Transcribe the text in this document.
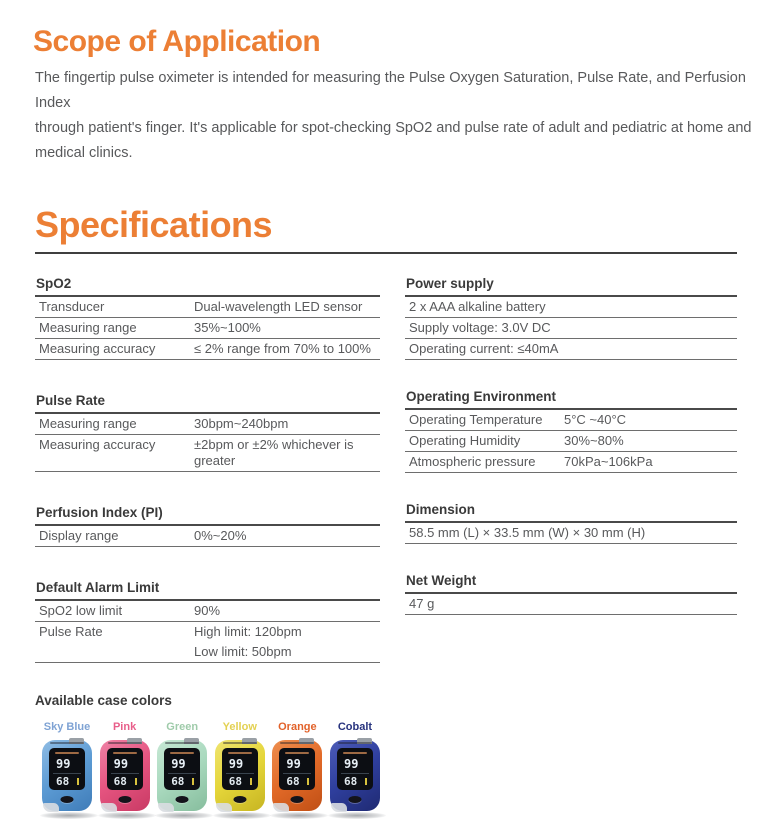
Scope of Application
The fingertip pulse oximeter is intended for measuring the Pulse Oxygen Saturation, Pulse Rate, and Perfusion Index
through patient's finger. It's applicable for spot-checking SpO2 and pulse rate of adult and pediatric at home and
medical clinics.
Specifications
SpO2
Transducer	Dual-wavelength LED sensor
Measuring range	35%~100%
Measuring accuracy	≤ 2% range from 70% to 100%
Pulse Rate
Measuring range	30bpm~240bpm
Measuring accuracy	±2bpm or ±2% whichever is greater
Perfusion Index (PI)
Display range	0%~20%
Default Alarm Limit
SpO2 low limit	90%
Pulse Rate	High limit: 120bpm
Low limit: 50bpm
Power supply
2 x AAA alkaline battery
Supply voltage: 3.0V DC
Operating current: ≤40mA
Operating Environment
Operating Temperature	5°C ~40°C
Operating Humidity	30%~80%
Atmospheric pressure	70kPa~106kPa
Dimension
58.5 mm (L) × 33.5 mm (W) × 30 mm (H)
Net Weight
47 g
Available case colors
Sky Blue
99
68
Pink
99
68
Green
99
68
Yellow
99
68
Orange
99
68
Cobalt
99
68
